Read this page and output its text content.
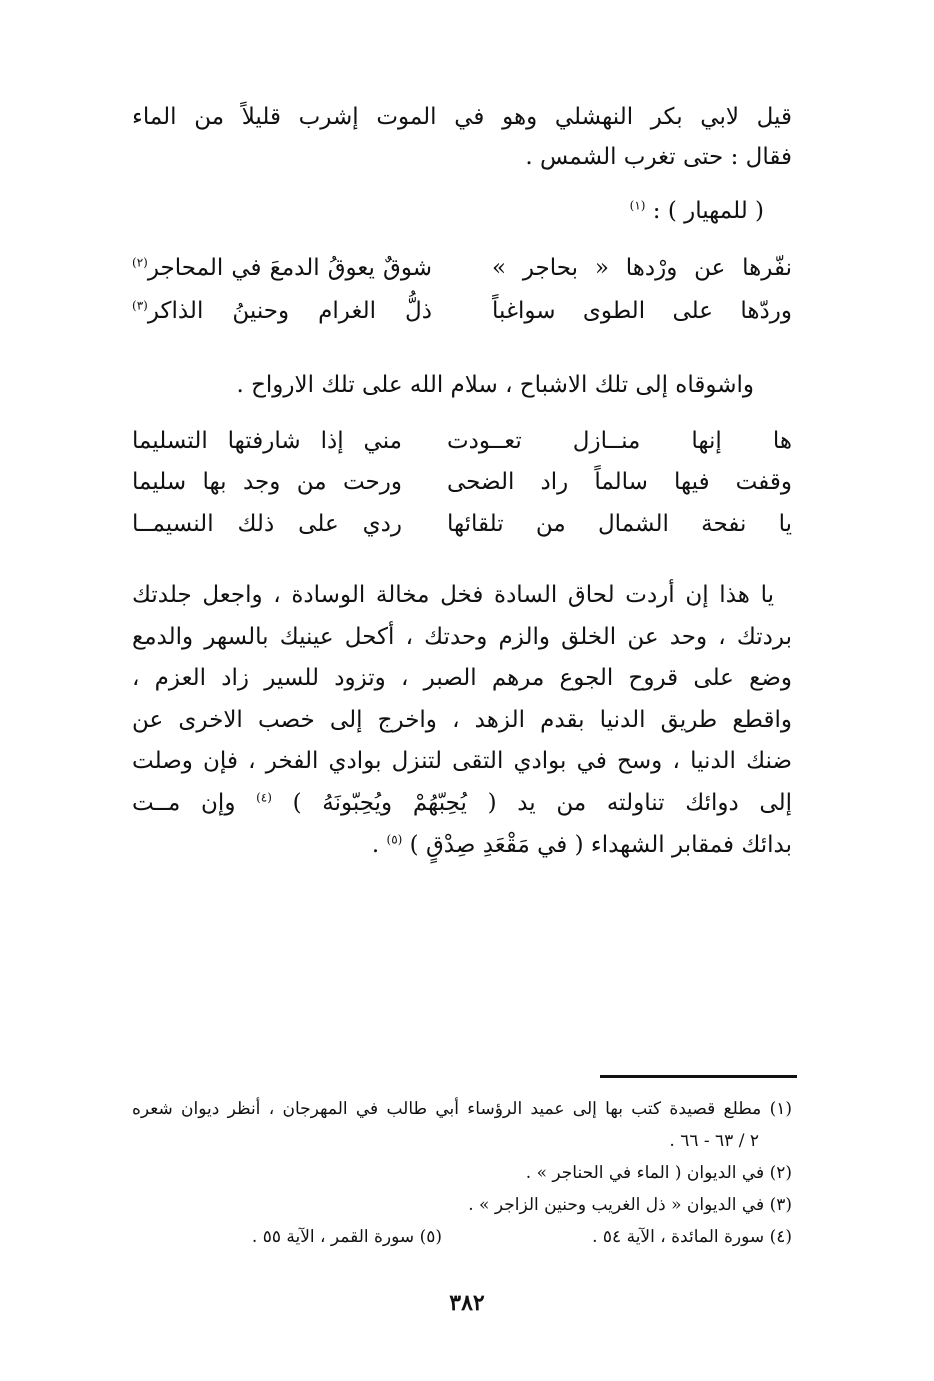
قيل لابي بكر النهشلي وهو في الموت إشرب قليلاً من الماء
فقال : حتى تغرب الشمس .
( للمهيار ) : $^{(١)}$
نفّرها عن ورْدها « بحاجر »
شوقٌ يعوقُ الدمعَ في المحاجر$^{(٢)}$
وردّها على الطوى سواغباً
ذلُّ الغرام وحنينُ الذاكر$^{(٣)}$
واشوقاه إلى تلك الاشباح ، سلام الله على تلك الارواح .
ها إنها منــازل تعــودت
مني إذا شارفتها التسليما
وقفت فيها سالماً راد الضحى
ورحت من وجد بها سليما
يا نفحة الشمال من تلقائها
ردي على ذلك النسيمــا
يا هذا إن أردت لحاق السادة فخل مخالة الوسادة ، واجعل جلدتك
بردتك ، وحد عن الخلق والزم وحدتك ، أكحل عينيك بالسهر والدمع
وضع على قروح الجوع مرهم الصبر ، وتزود للسير زاد العزم ،
واقطع طريق الدنيا بقدم الزهد ، واخرج إلى خصب الاخرى عن
ضنك الدنيا ، وسح في بوادي التقى لتنزل بوادي الفخر ، فإن وصلت
إلى دوائك تناولته من يد ( يُحِبّهُمْ ويُحِبّونَهُ ) $^{(٤)}$ وإن مــت
بدائك فمقابر الشهداء ( في مَقْعَدِ صِدْقٍ ) $^{(٥)}$ .
(١) مطلع قصيدة كتب بها إلى عميد الرؤساء أبي طالب في المهرجان ، أنظر ديوان شعره
٢ / ٦٣ - ٦٦ .
(٢) في الديوان ( الماء في الحناجر » .
(٣) في الديوان « ذل الغريب وحنين الزاجر » .
(٤) سورة المائدة ، الآية ٥٤ .
(٥) سورة القمر ، الآية ٥٥ .
٣٨٢
